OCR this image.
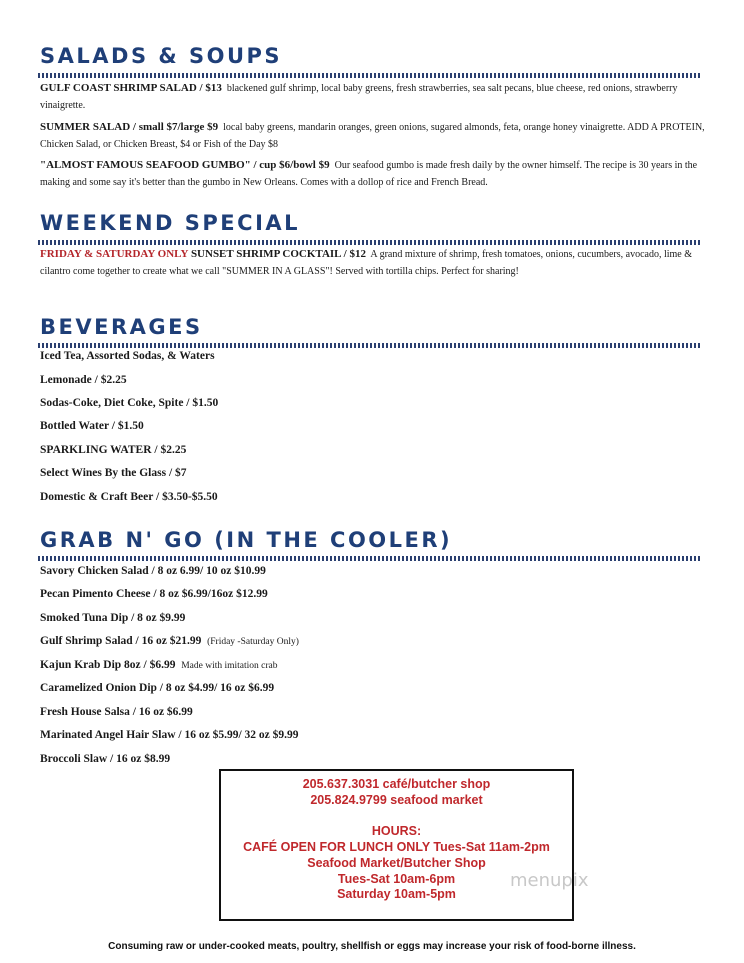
SALADS & SOUPS
GULF COAST SHRIMP SALAD / $13 blackened gulf shrimp, local baby greens, fresh strawberries, sea salt pecans, blue cheese, red onions, strawberry vinaigrette.
SUMMER SALAD / small $7/large $9 local baby greens, mandarin oranges, green onions, sugared almonds, feta, orange honey vinaigrette. ADD A PROTEIN, Chicken Salad, or Chicken Breast, $4 or Fish of the Day $8
"ALMOST FAMOUS SEAFOOD GUMBO" / cup $6/bowl $9 Our seafood gumbo is made fresh daily by the owner himself. The recipe is 30 years in the making and some say it's better than the gumbo in New Orleans. Comes with a dollop of rice and French Bread.
WEEKEND SPECIAL
FRIDAY & SATURDAY ONLY SUNSET SHRIMP COCKTAIL / $12 A grand mixture of shrimp, fresh tomatoes, onions, cucumbers, avocado, lime & cilantro come together to create what we call "SUMMER IN A GLASS"! Served with tortilla chips. Perfect for sharing!
BEVERAGES
Iced Tea, Assorted Sodas, & Waters
Lemonade / $2.25
Sodas-Coke, Diet Coke, Spite / $1.50
Bottled Water / $1.50
SPARKLING WATER / $2.25
Select Wines By the Glass / $7
Domestic & Craft Beer / $3.50-$5.50
GRAB N' GO (IN THE COOLER)
Savory Chicken Salad / 8 oz 6.99/ 10 oz $10.99
Pecan Pimento Cheese / 8 oz $6.99/16oz $12.99
Smoked Tuna Dip / 8 oz $9.99
Gulf Shrimp Salad / 16 oz $21.99 (Friday -Saturday Only)
Kajun Krab Dip 8oz / $6.99 Made with imitation crab
Caramelized Onion Dip / 8 oz $4.99/ 16 oz $6.99
Fresh House Salsa / 16 oz $6.99
Marinated Angel Hair Slaw / 16 oz $5.99/ 32 oz $9.99
Broccoli Slaw / 16 oz $8.99
205.637.3031 café/butcher shop
205.824.9799 seafood market
HOURS:
CAFÉ OPEN FOR LUNCH ONLY Tues-Sat 11am-2pm
Seafood Market/Butcher Shop
Tues-Sat 10am-6pm
Saturday 10am-5pm
menupix
Consuming raw or under-cooked meats, poultry, shellfish or eggs may increase your risk of food-borne illness.
